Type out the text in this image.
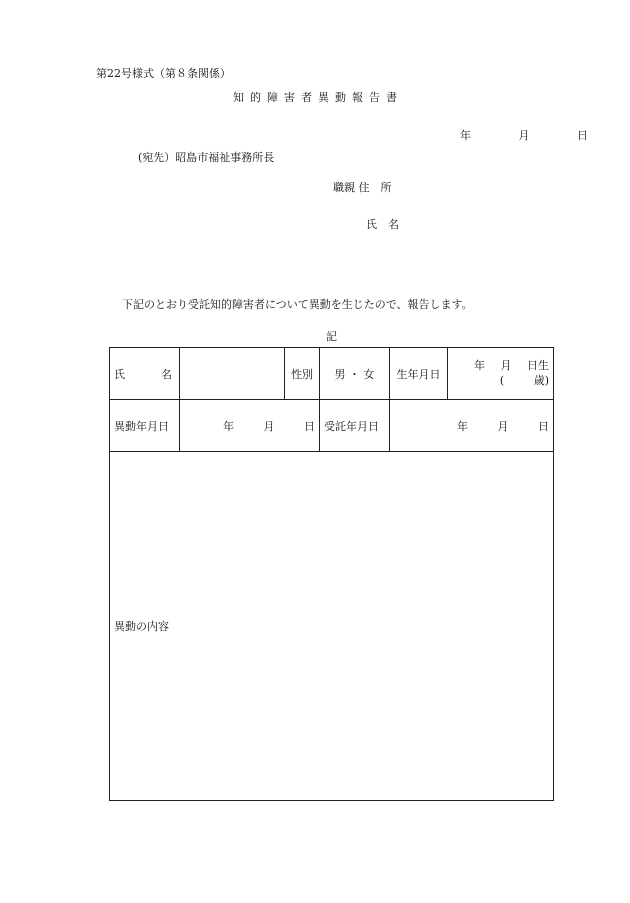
第22号様式（第８条関係）
知的障害者異動報告書
年	月	日
(宛先）昭島市福祉事務所長
職親 住　所
氏　名
下記のとおり受託知的障害者について異動を生じたので、報告します。
記
氏 名		性別	男 ・ 女	生年月日	年 月 日生
( 歳)

異動年月日	年 月 日		受託年月日	年 月 日	
異動の内容					
